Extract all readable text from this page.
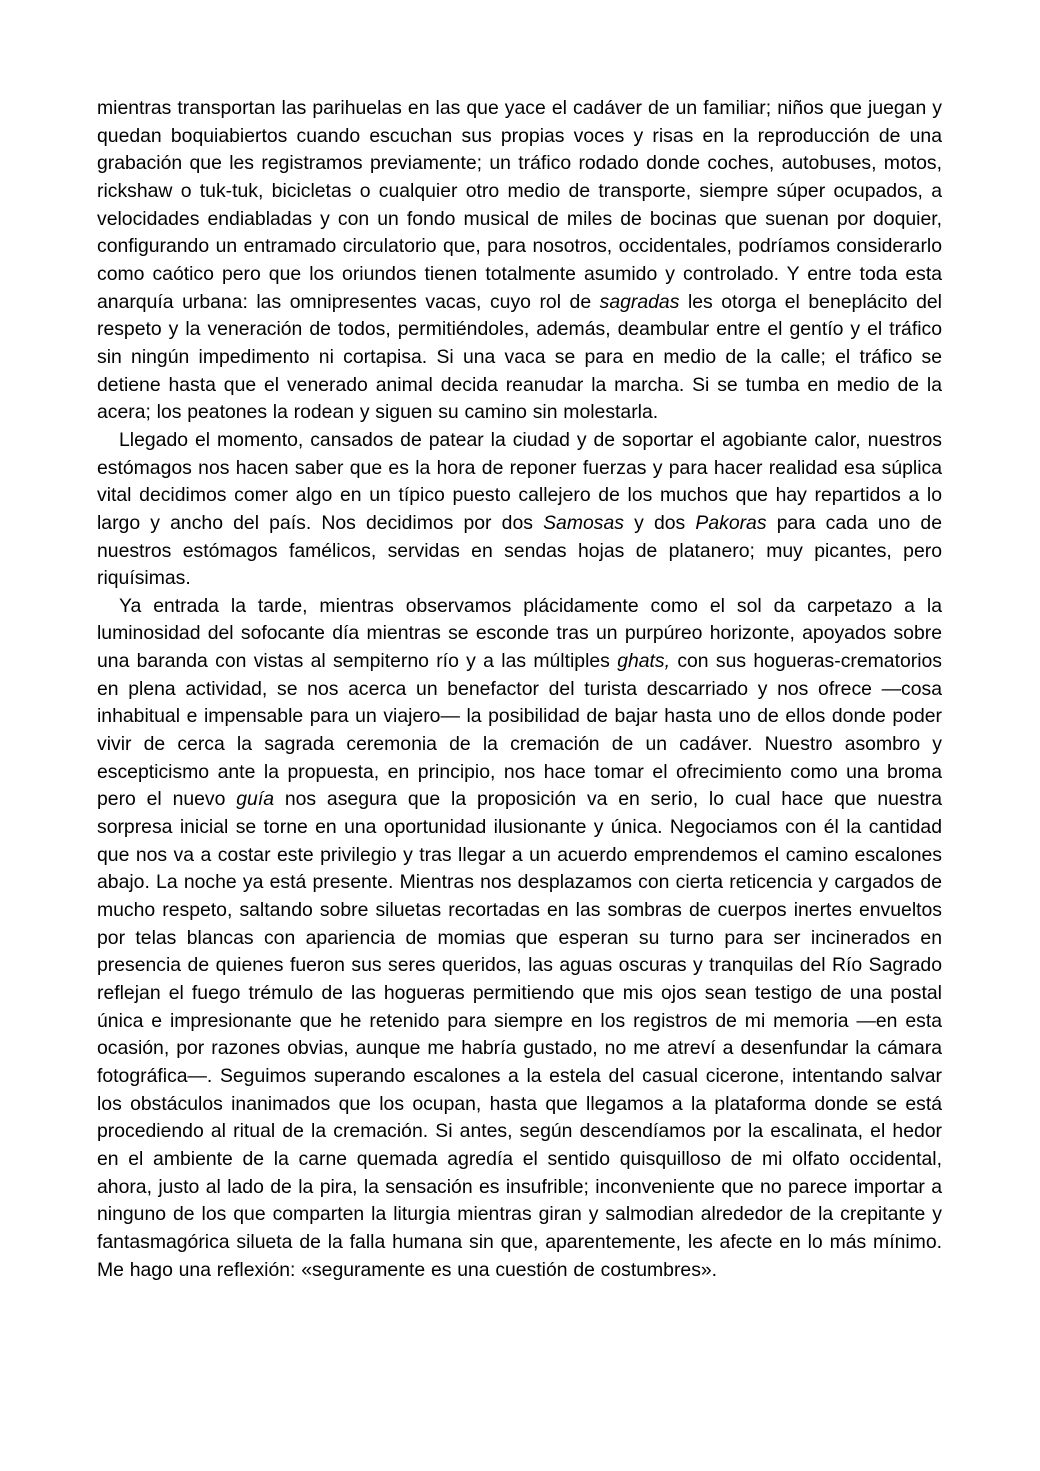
mientras transportan las parihuelas en las que yace el cadáver de un familiar; niños que juegan y quedan boquiabiertos cuando escuchan sus propias voces y risas en la reproducción de una grabación que les registramos previamente; un tráfico rodado donde coches, autobuses, motos, rickshaw o tuk-tuk, bicicletas o cualquier otro medio de transporte, siempre súper ocupados, a velocidades endiabladas y con un fondo musical de miles de bocinas que suenan por doquier, configurando un entramado circulatorio que, para nosotros, occidentales, podríamos considerarlo como caótico pero que los oriundos tienen totalmente asumido y controlado. Y entre toda esta anarquía urbana: las omnipresentes vacas, cuyo rol de sagradas les otorga el beneplácito del respeto y la veneración de todos, permitiéndoles, además, deambular entre el gentío y el tráfico sin ningún impedimento ni cortapisa. Si una vaca se para en medio de la calle; el tráfico se detiene hasta que el venerado animal decida reanudar la marcha. Si se tumba en medio de la acera; los peatones la rodean y siguen su camino sin molestarla.

Llegado el momento, cansados de patear la ciudad y de soportar el agobiante calor, nuestros estómagos nos hacen saber que es la hora de reponer fuerzas y para hacer realidad esa súplica vital decidimos comer algo en un típico puesto callejero de los muchos que hay repartidos a lo largo y ancho del país. Nos decidimos por dos Samosas y dos Pakoras para cada uno de nuestros estómagos famélicos, servidas en sendas hojas de platanero; muy picantes, pero riquísimas.

Ya entrada la tarde, mientras observamos plácidamente como el sol da carpetazo a la luminosidad del sofocante día mientras se esconde tras un purpúreo horizonte, apoyados sobre una baranda con vistas al sempiterno río y a las múltiples ghats, con sus hogueras-crematorios en plena actividad, se nos acerca un benefactor del turista descarriado y nos ofrece —cosa inhabitual e impensable para un viajero— la posibilidad de bajar hasta uno de ellos donde poder vivir de cerca la sagrada ceremonia de la cremación de un cadáver. Nuestro asombro y escepticismo ante la propuesta, en principio, nos hace tomar el ofrecimiento como una broma pero el nuevo guía nos asegura que la proposición va en serio, lo cual hace que nuestra sorpresa inicial se torne en una oportunidad ilusionante y única. Negociamos con él la cantidad que nos va a costar este privilegio y tras llegar a un acuerdo emprendemos el camino escalones abajo. La noche ya está presente. Mientras nos desplazamos con cierta reticencia y cargados de mucho respeto, saltando sobre siluetas recortadas en las sombras de cuerpos inertes envueltos por telas blancas con apariencia de momias que esperan su turno para ser incinerados en presencia de quienes fueron sus seres queridos, las aguas oscuras y tranquilas del Río Sagrado reflejan el fuego trémulo de las hogueras permitiendo que mis ojos sean testigo de una postal única e impresionante que he retenido para siempre en los registros de mi memoria —en esta ocasión, por razones obvias, aunque me habría gustado, no me atreví a desenfundar la cámara fotográfica—. Seguimos superando escalones a la estela del casual cicerone, intentando salvar los obstáculos inanimados que los ocupan, hasta que llegamos a la plataforma donde se está procediendo al ritual de la cremación. Si antes, según descendíamos por la escalinata, el hedor en el ambiente de la carne quemada agredía el sentido quisquilloso de mi olfato occidental, ahora, justo al lado de la pira, la sensación es insufrible; inconveniente que no parece importar a ninguno de los que comparten la liturgia mientras giran y salmodian alrededor de la crepitante y fantasmagórica silueta de la falla humana sin que, aparentemente, les afecte en lo más mínimo. Me hago una reflexión: «seguramente es una cuestión de costumbres».
